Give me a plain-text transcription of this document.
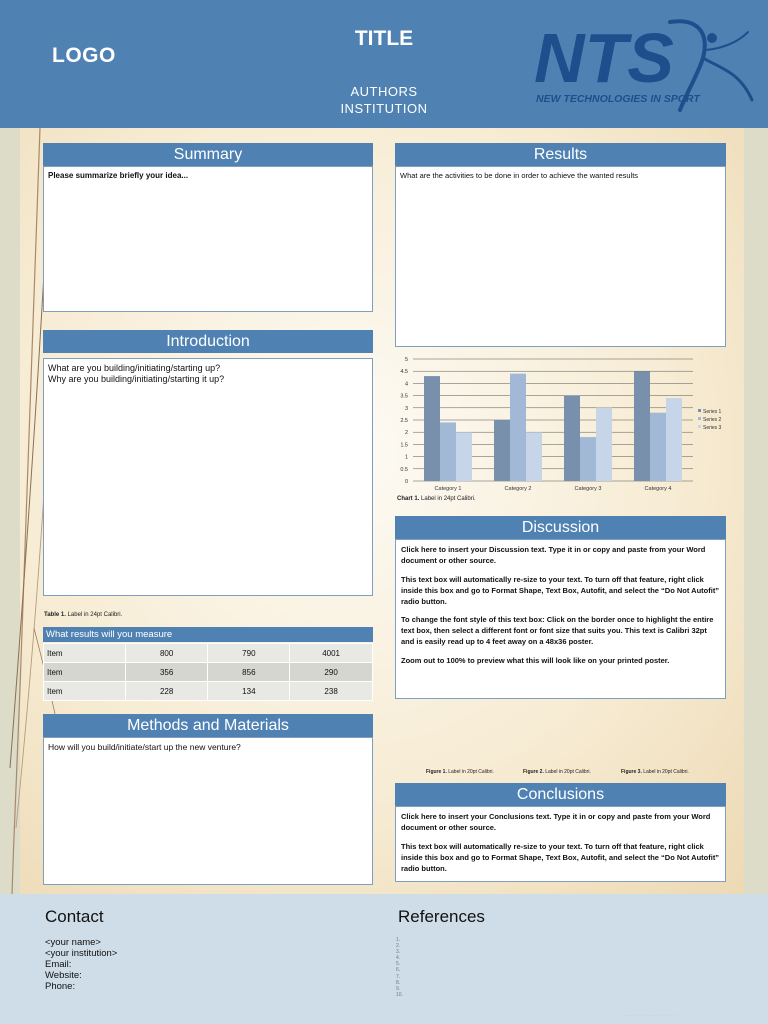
LOGO
TITLE
AUTHORS
INSTITUTION
NTS
NEW TECHNOLOGIES IN SPORT
Summary
Please summarize briefly your idea...
Introduction
What are you building/initiating/starting up?
Why are you building/initiating/starting it up?
Table 1. Label in 24pt Calibri.
What results will you measure
Item	800	790	4001
Item	356	856	290
Item	228	134	238
Methods and Materials
How will you build/initiate/start up the new venture?
Results
What are the activities to be done in order to achieve the wanted results
0
0.5
1
1.5
2
2.5
3
3.5
4
4.5
5
Category 1	Category 2	Category 3	Category 4
Series 1
Series 2
Series 3
Chart 1. Label in 24pt Calibri.
Discussion

Click here to insert your Discussion text. Type it in or copy and paste from your Word document or other source.

This text box will automatically re-size to your text. To turn off that feature, right click inside this box and go to Format Shape, Text Box, Autofit, and select the “Do Not Autofit” radio button.

To change the font style of this text box: Click on the border once to highlight the entire text box, then select a different font or font size that suits you. This text is Calibri 32pt and is easily read up to 4 feet away on a 48x36 poster.

Zoom out to 100% to preview what this will look like on your printed poster.

Figure 1. Label in 20pt Calibri.	Figure 2. Label in 20pt Calibri.	Figure 3. Label in 20pt Calibri.
Conclusions

Click here to insert your Conclusions text. Type it in or copy and paste from your Word document or other source.

This text box will automatically re-size to your text. To turn off that feature, right click inside this box and go to Format Shape, Text Box, Autofit, and select the “Do Not Autofit” radio button.

Contact
<your name>
<your institution>
Email:
Website:
Phone:
References
1.
2.
3.
4.
5.
6.
7.
8.
9.
10.
· · · · · · · · · · · · · · · · · · · · · · · · · · · · · ·
